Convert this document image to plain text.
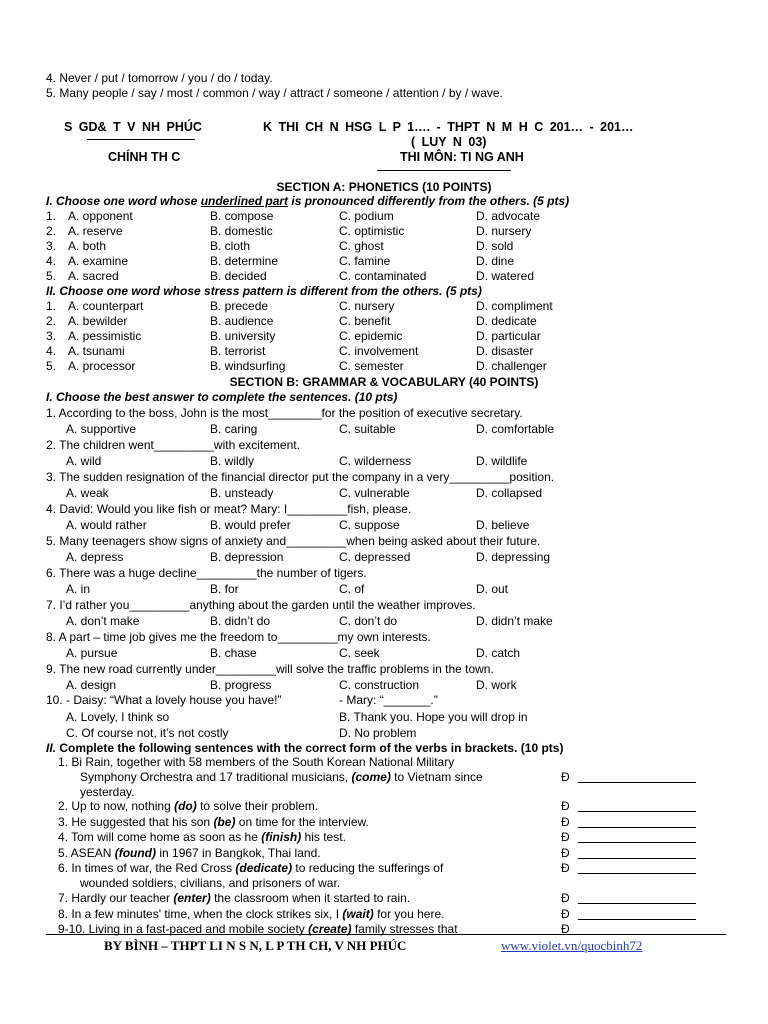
4. Never / put / tomorrow / you / do / today.
5. Many people / say / most / common / way / attract / someone / attention / by / wave.
S GD& T V NH PHÚC
CHÍNH TH C
K THI CH N HSG L P 1…. - THPT N M H C 201… - 201…
( LUY N 03)
THI MÔN: TI NG ANH
SECTION A: PHONETICS (10 POINTS)
I. Choose one word whose underlined part is pronounced differently from the others. (5 pts)
1. A. opponent	B. compose	C. podium	D. advocate
2. A. reserve	B. domestic	C. optimistic	D. nursery
3. A. both	B. cloth	C. ghost	D. sold
4. A. examine	B. determine	C. famine	D. dine
5. A. sacred	B. decided	C. contaminated	D. watered
II. Choose one word whose stress pattern is different from the others. (5 pts)
1. A. counterpart	B. precede	C. nursery	D. compliment
2. A. bewilder	B. audience	C. benefit	D. dedicate
3. A. pessimistic	B. university	C. epidemic	D. particular
4. A. tsunami	B. terrorist	C. involvement	D. disaster
5. A. processor	B. windsurfing	C. semester	D. challenger
SECTION B: GRAMMAR & VOCABULARY (40 POINTS)
I. Choose the best answer to complete the sentences. (10 pts)
1. According to the boss, John is the most________for the position of executive secretary.
A. supportive	B. caring	C. suitable	D. comfortable
2. The children went_________with excitement.
A. wild	B. wildly	C. wilderness	D. wildlife
3. The sudden resignation of the financial director put the company in a very_________position.
A. weak	B. unsteady	C. vulnerable	D. collapsed
4. David: Would you like fish or meat? Mary: I_________fish, please.
A. would rather	B. would prefer	C. suppose	D. believe
5. Many teenagers show signs of anxiety and_________when being asked about their future.
A. depress	B. depression	C. depressed	D. depressing
6. There was a huge decline_________the number of tigers.
A. in	B. for	C. of	D. out
7. I’d rather you_________anything about the garden until the weather improves.
A. don’t make	B. didn’t do	C. don’t do	D. didn’t make
8. A part – time job gives me the freedom to_________my own interests.
A. pursue	B. chase	C. seek	D. catch
9. The new road currently under_________will solve the traffic problems in the town.
A. design	B. progress	C. construction	D. work
10. - Daisy: “What a lovely house you have!”	- Mary: “_______.”
A. Lovely, I think so	B. Thank you. Hope you will drop in
C. Of course not, it’s not costly	D. No problem
II. Complete the following sentences with the correct form of the verbs in brackets. (10 pts)
1. Bi Rain, together with 58 members of the South Korean National Military
Symphony Orchestra and 17 traditional musicians, (come) to Vietnam since
yesterday.
Đ
2. Up to now, nothing (do) to solve their problem.	Đ
3. He suggested that his son (be) on time for the interview.	Đ
4. Tom will come home as soon as he (finish) his test.	Đ
5. ASEAN (found) in 1967 in Bangkok, Thai land.	Đ
6. In times of war, the Red Cross (dedicate) to reducing the sufferings of
wounded soldiers, civilians, and prisoners of war.
Đ
7. Hardly our teacher (enter) the classroom when it started to rain.	Đ
8. In a few minutes' time, when the clock strikes six, I (wait) for you here.	Đ
9-10. Living in a fast-paced and mobile society (create) family stresses that	Đ
BY BÌNH – THPT LI N S N, L P TH CH, V NH PHÚC	www.violet.vn/quocbinh72
